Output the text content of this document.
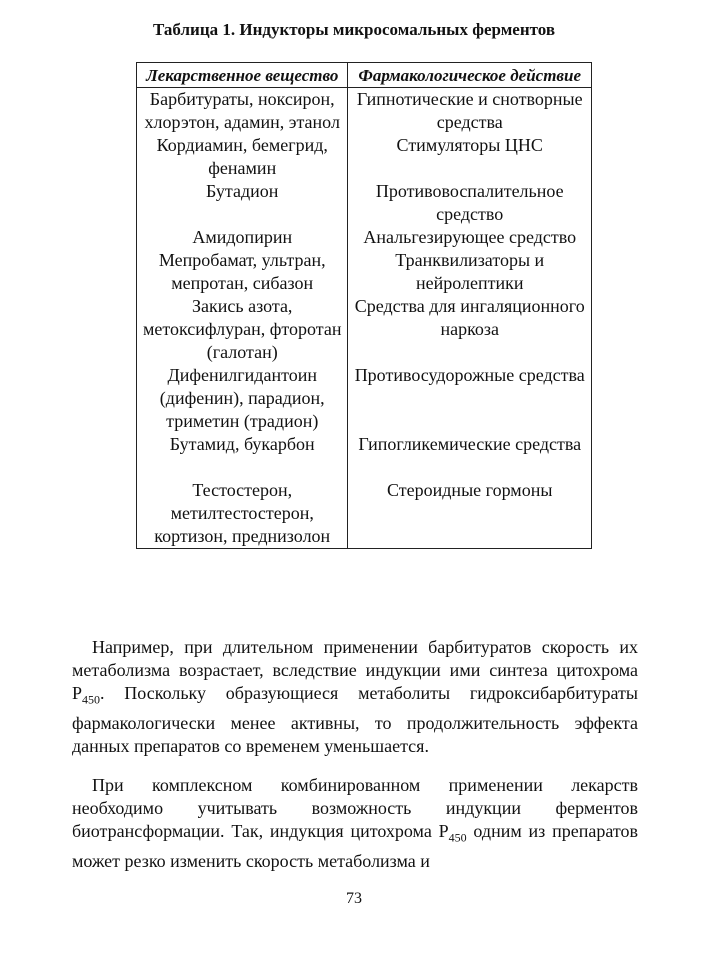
Таблица 1. Индукторы микросомальных ферментов
Лекарственное вещество	Фармакологическое действие
Барбитураты, ноксирон, хлорэтон, адамин, этанол	Гипнотические и снотворные средства
Кордиамин, бемегрид, фенамин	Стимуляторы ЦНС

Бутадион	Противовоспалительное средство
Амидопирин	Анальгезирующее средство
Мепробамат, ультран, мепротан, сибазон	Транквилизаторы и нейролептики
Закись азота, метоксифлуран, фторотан (галотан)	Средства для ингаляционного наркоза
Дифенилгидантоин (дифенин), парадион, триметин (традион)	Противосудорожные средства
Бутамид, букарбон	Гипогликемические средства
Тестостерон, метилтестостерон, кортизон, преднизолон	Стероидные гормоны
Например, при длительном применении барбитуратов скорость их метаболизма возрастает, вследствие индукции ими синтеза цитохрома $Р_{450}$. Поскольку образующиеся метаболиты гидроксибарбитураты фармакологически менее активны, то продолжительность эффекта данных препаратов со временем уменьшается.
При комплексном комбинированном применении лекарств необходимо учитывать возможность индукции ферментов биотрансформации. Так, индукция цитохрома $Р_{450}$ одним из препаратов может резко изменить скорость метаболизма и
73
